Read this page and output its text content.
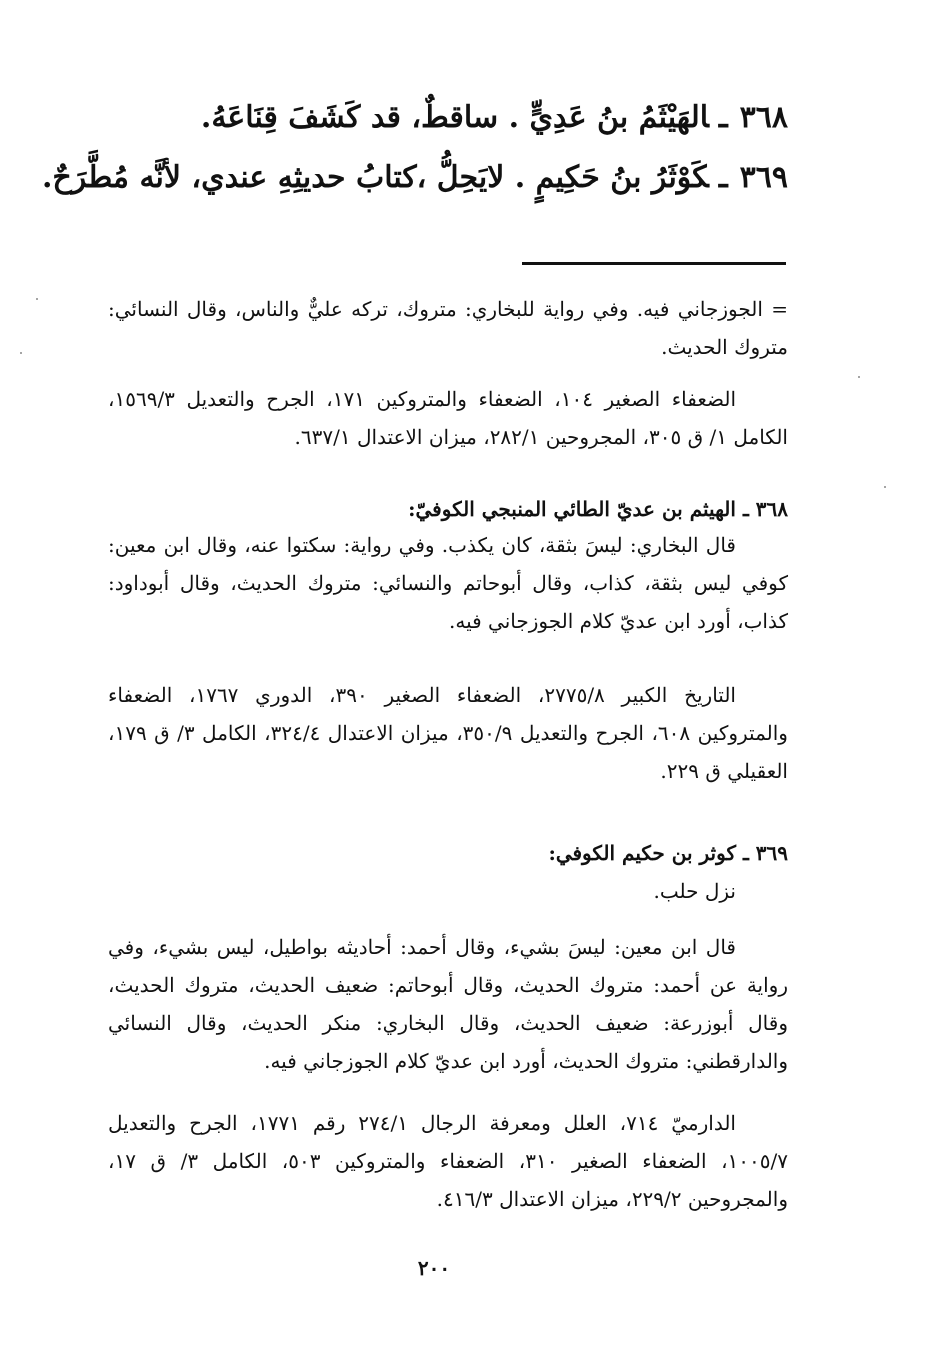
٣٦٨ـالهَيْثَمُ بنُ عَدِيٍّ . ساقطٌ، قد كَشَفَ قِنَاعَهُ.
٣٦٩ـكَوْثَرُ بنُ حَكِيمٍ . لايَحِلُّ ،كتابُ حديثِهِ عندي، لأنَّه مُطَّرَحٌ.
= الجوزجاني فيه. وفي رواية للبخاري: متروك، تركه عليٌّ والناس، وقال النسائي: متروك الحديث.
الضعفاء الصغير ١٠٤، الضعفاء والمتروكين ١٧١، الجرح والتعديل ١٥٦٩/٣، الكامل ١/ ق ٣٠٥، المجروحين ٢٨٢/١، ميزان الاعتدال ٦٣٧/١.
٣٦٨ ـ الهيثم بن عديّ الطائي المنبجي الكوفيّ:
قال البخاري: ليسَ بثقة، كان يكذب. وفي رواية: سكتوا عنه، وقال ابن معين: كوفي ليس بثقة، كذاب، وقال أبوحاتم والنسائي: متروك الحديث، وقال أبوداود: كذاب، أورد ابن عديّ كلام الجوزجاني فيه.
التاريخ الكبير ٢٧٧٥/٨، الضعفاء الصغير ٣٩٠، الدوري ١٧٦٧، الضعفاء والمتروكين ٦٠٨، الجرح والتعديل ٣٥٠/٩، ميزان الاعتدال ٣٢٤/٤، الكامل ٣/ ق ١٧٩، العقيلي ق ٢٢٩.
٣٦٩ ـ كوثر بن حكيم الكوفي:
نزل حلب.
قال ابن معين: ليسَ بشيء، وقال أحمد: أحاديثه بواطيل، ليس بشيء، وفي رواية عن أحمد: متروك الحديث، وقال أبوحاتم: ضعيف الحديث، متروك الحديث، وقال أبوزرعة: ضعيف الحديث، وقال البخاري: منكر الحديث، وقال النسائي والدارقطني: متروك الحديث، أورد ابن عديّ كلام الجوزجاني فيه.
الدارميّ ٧١٤، العلل ومعرفة الرجال ٢٧٤/١ رقم ١٧٧١، الجرح والتعديل ١٠٠٥/٧، الضعفاء الصغير ٣١٠، الضعفاء والمتروكين ٥٠٣، الكامل ٣/ ق ١٧، والمجروحين ٢٢٩/٢، ميزان الاعتدال ٤١٦/٣.
٢٠٠
